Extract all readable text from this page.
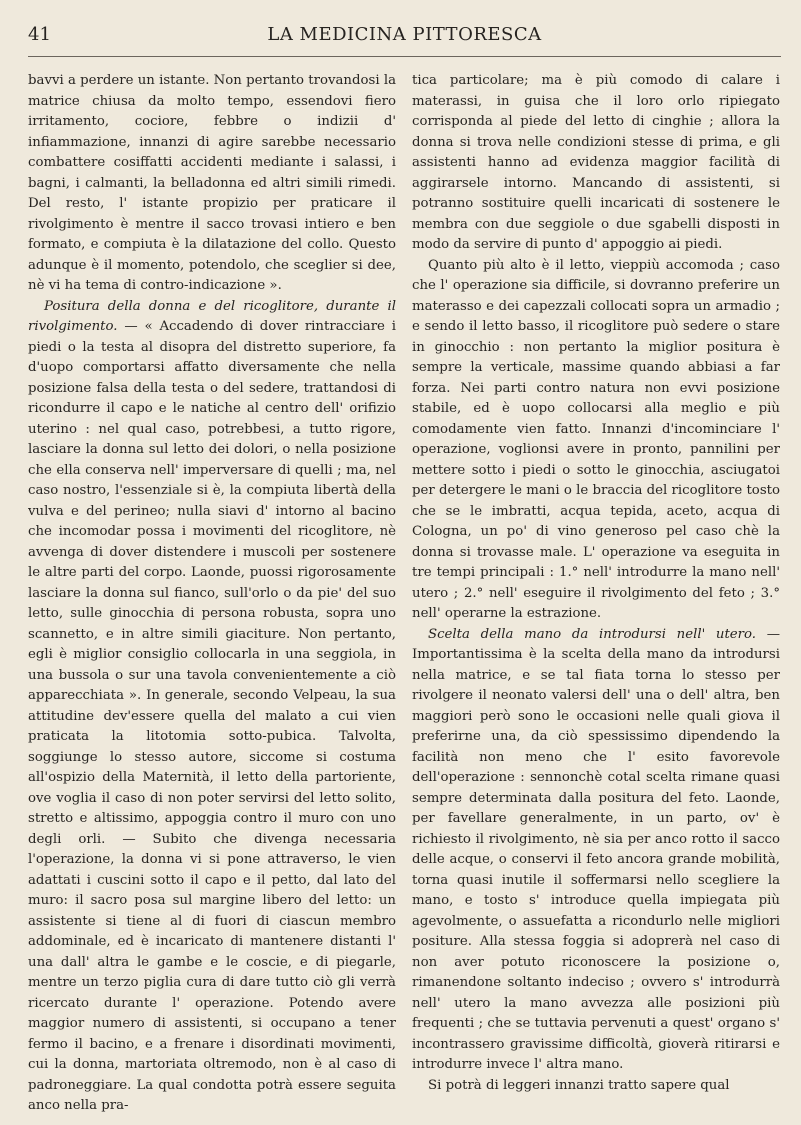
41	LA MEDICINA PITTORESCA

bavvi a perdere un istante. Non pertanto trovandosi la matrice chiusa da molto tempo, essendovi fiero irritamento, cociore, febbre o indizii d' infiammazione, innanzi di agire sarebbe necessario combattere cosiffatti accidenti mediante i salassi, i bagni, i calmanti, la belladonna ed altri simili rimedi. Del resto, l' istante propizio per praticare il rivolgimento è mentre il sacco trovasi intiero e ben formato, e compiuta è la dilatazione del collo. Questo adunque è il momento, potendolo, che sceglier si dee, nè vi ha tema di contro-indicazione ».

Positura della donna e del ricoglitore, durante il rivolgimento. — « Accadendo di dover rintracciare i piedi o la testa al disopra del distretto superiore, fa d'uopo comportarsi affatto diversamente che nella posizione falsa della testa o del sedere, trattandosi di ricondurre il capo e le natiche al centro dell' orifizio uterino : nel qual caso, potrebbesi, a tutto rigore, lasciare la donna sul letto dei dolori, o nella posizione che ella conserva nell' imperversare di quelli ; ma, nel caso nostro, l'essenziale si è, la compiuta libertà della vulva e del perineo; nulla siavi d' intorno al bacino che incomodar possa i movimenti del ricoglitore, nè avvenga di dover distendere i muscoli per sostenere le altre parti del corpo. Laonde, puossi rigorosamente lasciare la donna sul fianco, sull'orlo o da pie' del suo letto, sulle ginocchia di persona robusta, sopra uno scannetto, e in altre simili giaciture. Non pertanto, egli è miglior consiglio collocarla in una seggiola, in una bussola o sur una tavola convenientemente a ciò apparecchiata ». In generale, secondo Velpeau, la sua attitudine dev'essere quella del malato a cui vien praticata la litotomia sotto-pubica. Talvolta, soggiunge lo stesso autore, siccome si costuma all'ospizio della Maternità, il letto della partoriente, ove voglia il caso di non poter servirsi del letto solito, stretto e altissimo, appoggia contro il muro con uno degli orli. — Subito che divenga necessaria l'operazione, la donna vi si pone attraverso, le vien adattati i cuscini sotto il capo e il petto, dal lato del muro: il sacro posa sul margine libero del letto: un assistente si tiene al di fuori di ciascun membro addominale, ed è incaricato di mantenere distanti l' una dall' altra le gambe e le coscie, e di piegarle, mentre un terzo piglia cura di dare tutto ciò gli verrà ricercato durante l' operazione. Potendo avere maggior numero di assistenti, si occupano a tener fermo il bacino, e a frenare i disordinati movimenti, cui la donna, martoriata oltremodo, non è al caso di padroneggiare. La qual condotta potrà essere seguita anco nella pra-

tica particolare; ma è più comodo di calare i materassi, in guisa che il loro orlo ripiegato corrisponda al piede del letto di cinghie ; allora la donna si trova nelle condizioni stesse di prima, e gli assistenti hanno ad evidenza maggior facilità di aggirarsele intorno. Mancando di assistenti, si potranno sostituire quelli incaricati di sostenere le membra con due seggiole o due sgabelli disposti in modo da servire di punto d' appoggio ai piedi.

Quanto più alto è il letto, vieppiù accomoda ; caso che l' operazione sia difficile, si dovranno preferire un materasso e dei capezzali collocati sopra un armadio ; e sendo il letto basso, il ricoglitore può sedere o stare in ginocchio : non pertanto la miglior positura è sempre la verticale, massime quando abbiasi a far forza. Nei parti contro natura non evvi posizione stabile, ed è uopo collocarsi alla meglio e più comodamente vien fatto. Innanzi d'incominciare l' operazione, voglionsi avere in pronto, pannilini per mettere sotto i piedi o sotto le ginocchia, asciugatoi per detergere le mani o le braccia del ricoglitore tosto che se le imbratti, acqua tepida, aceto, acqua di Cologna, un po' di vino generoso pel caso chè la donna si trovasse male. L' operazione va eseguita in tre tempi principali : 1.° nell' introdurre la mano nell' utero ; 2.° nell' eseguire il rivolgimento del feto ; 3.° nell' operarne la estrazione.

Scelta della mano da introdursi nell' utero. — Importantissima è la scelta della mano da introdursi nella matrice, e se tal fiata torna lo stesso per rivolgere il neonato valersi dell' una o dell' altra, ben maggiori però sono le occasioni nelle quali giova il preferirne una, da ciò spessissimo dipendendo la facilità non meno che l' esito favorevole dell'operazione : sennonchè cotal scelta rimane quasi sempre determinata dalla positura del feto. Laonde, per favellare generalmente, in un parto, ov' è richiesto il rivolgimento, nè sia per anco rotto il sacco delle acque, o conservi il feto ancora grande mobilità, torna quasi inutile il soffermarsi nello scegliere la mano, e tosto s' introduce quella impiegata più agevolmente, o assuefatta a ricondurlo nelle migliori positure. Alla stessa foggia si adoprerà nel caso di non aver potuto riconoscere la posizione o, rimanendone soltanto indeciso ; ovvero s' introdurrà nell' utero la mano avvezza alle posizioni più frequenti ; che se tuttavia pervenuti a quest' organo s' incontrassero gravissime difficoltà, gioverà ritirarsi e introdurre invece l' altra mano.

Si potrà di leggeri innanzi tratto sapere qual
